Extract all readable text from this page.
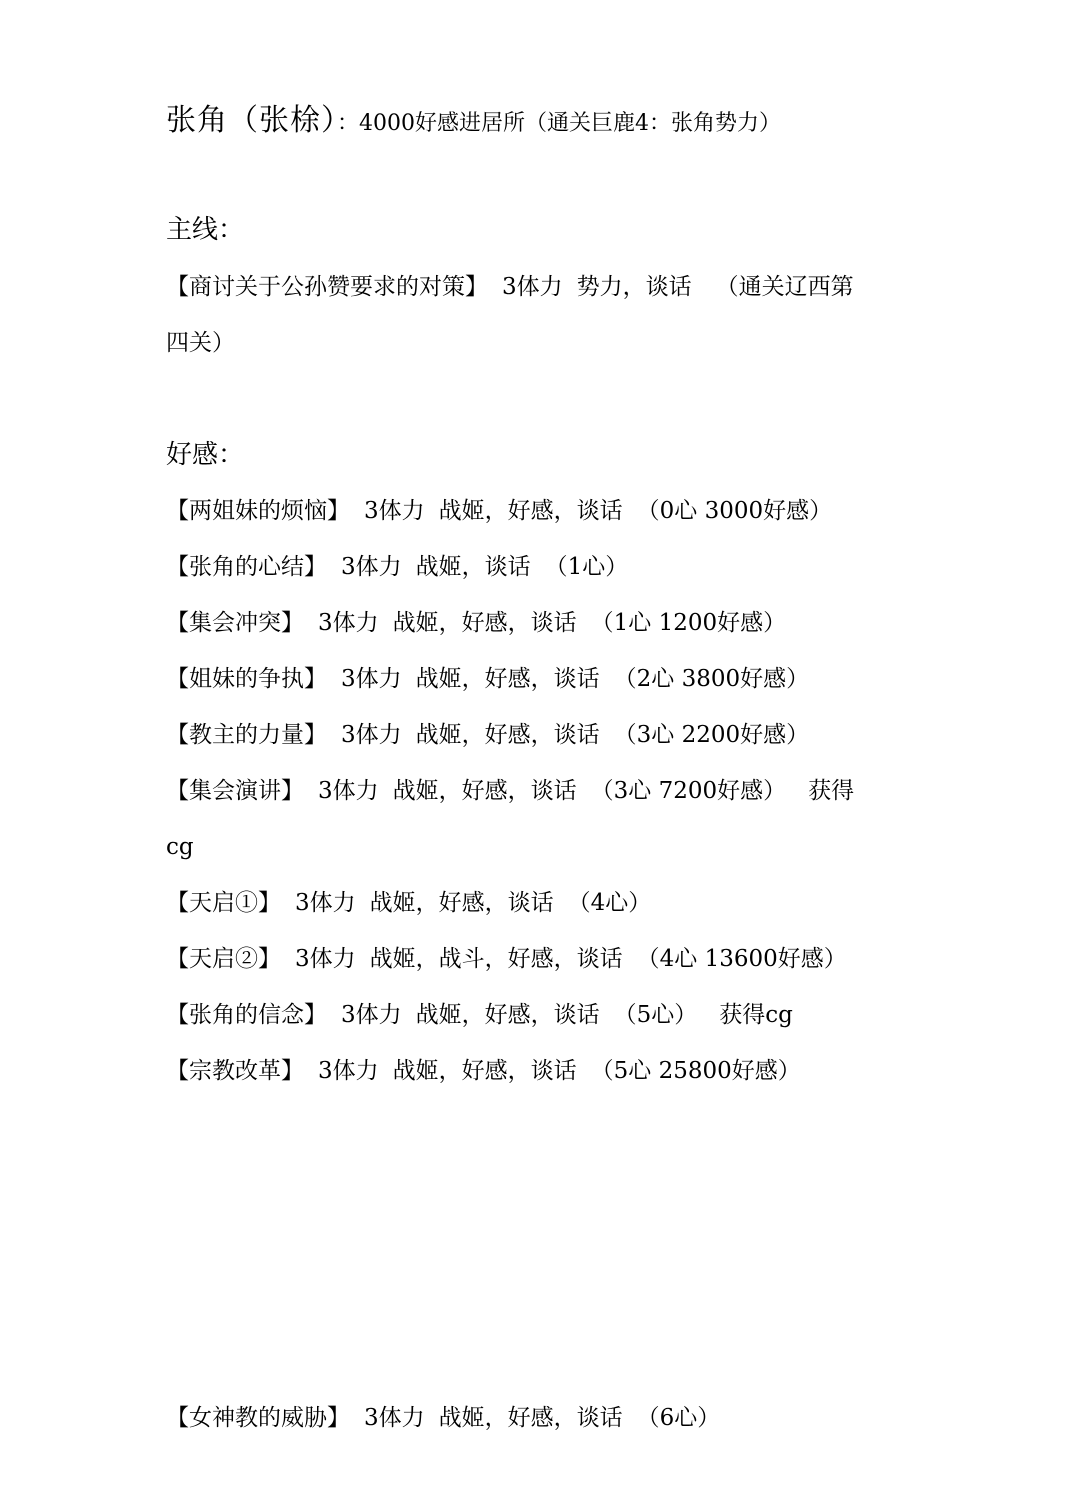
张角（张梌）：4000好感进居所（通关巨鹿4：张角势力）
主线：
【商讨关于公孙赞要求的对策】 3体力 势力，谈话 （通关辽西第
四关）
好感：
【两姐妹的烦恼】 3体力 战姬，好感，谈话 （0心 3000好感）
【张角的心结】 3体力 战姬，谈话 （1心）
【集会冲突】 3体力 战姬，好感，谈话 （1心 1200好感）
【姐妹的争执】 3体力 战姬，好感，谈话 （2心 3800好感）
【教主的力量】 3体力 战姬，好感，谈话 （3心 2200好感）
【集会演讲】 3体力 战姬，好感，谈话 （3心 7200好感） 获得
cg
【天启①】 3体力 战姬，好感，谈话 （4心）
【天启②】 3体力 战姬，战斗，好感，谈话 （4心 13600好感）
【张角的信念】 3体力 战姬，好感，谈话 （5心） 获得cg
【宗教改革】 3体力 战姬，好感，谈话 （5心 25800好感）
【女神教的威胁】 3体力 战姬，好感，谈话 （6心）
